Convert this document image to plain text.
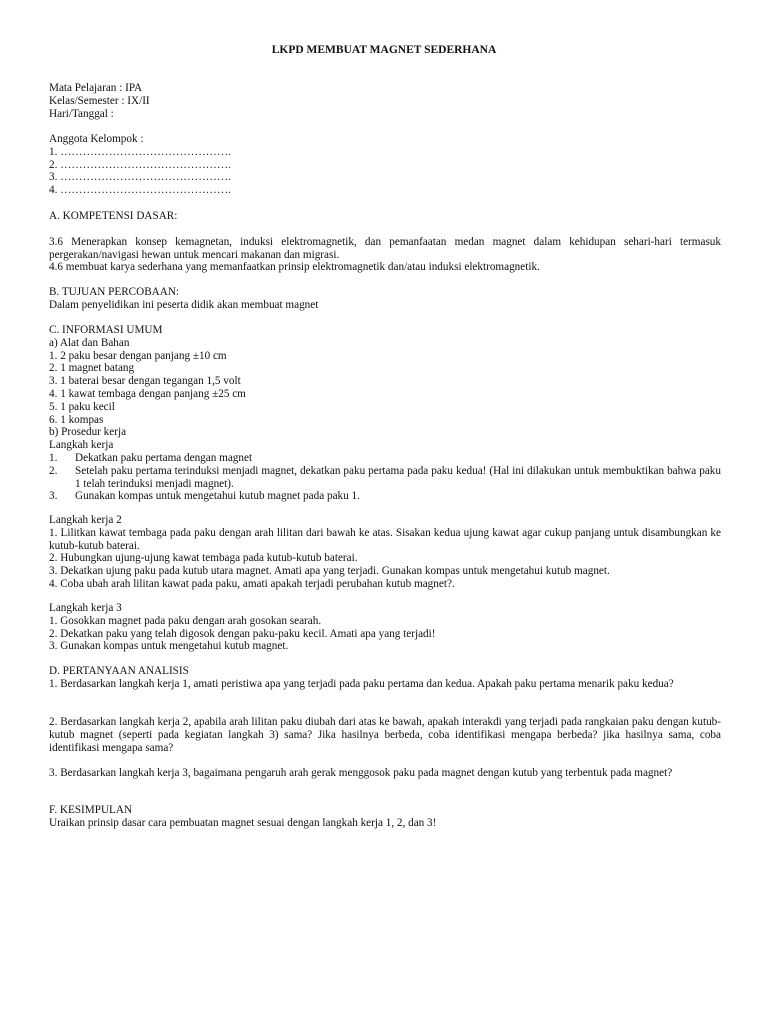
LKPD MEMBUAT MAGNET SEDERHANA
Mata Pelajaran : IPA
Kelas/Semester : IX/II
Hari/Tanggal :
Anggota Kelompok :
1. ……………………………………….
2. ……………………………………….
3. ……………………………………….
4. ……………………………………….
A. KOMPETENSI DASAR:
3.6 Menerapkan konsep kemagnetan, induksi elektromagnetik, dan pemanfaatan medan magnet dalam kehidupan sehari-hari termasuk pergerakan/navigasi hewan untuk mencari makanan dan migrasi.
4.6 membuat karya sederhana yang memanfaatkan prinsip elektromagnetik dan/atau induksi elektromagnetik.
B. TUJUAN PERCOBAAN:
Dalam penyelidikan ini peserta didik akan membuat magnet
C. INFORMASI UMUM
a) Alat dan Bahan
1. 2 paku besar dengan panjang ±10 cm
2. 1 magnet batang
3. 1 baterai besar dengan tegangan 1,5 volt
4. 1 kawat tembaga dengan panjang ±25 cm
5. 1 paku kecil
6. 1 kompas
b) Prosedur kerja
Langkah kerja
1.	Dekatkan paku pertama dengan magnet
2.	Setelah paku pertama terinduksi menjadi magnet, dekatkan paku pertama pada paku kedua! (Hal ini dilakukan untuk membuktikan bahwa paku 1 telah terinduksi menjadi magnet).
3.	Gunakan kompas untuk mengetahui kutub magnet pada paku 1.
Langkah kerja 2
1. Lilitkan kawat tembaga pada paku dengan arah lilitan dari bawah ke atas. Sisakan kedua ujung kawat agar cukup panjang untuk disambungkan ke kutub-kutub baterai.
2. Hubungkan ujung-ujung kawat tembaga pada kutub-kutub baterai.
3. Dekatkan ujung paku pada kutub utara magnet. Amati apa yang terjadi. Gunakan kompas untuk mengetahui kutub magnet.
4. Coba ubah arah lilitan kawat pada paku, amati apakah terjadi perubahan kutub magnet?.
Langkah kerja 3
1. Gosokkan magnet pada paku dengan arah gosokan searah.
2. Dekatkan paku yang telah digosok dengan paku-paku kecil. Amati apa yang terjadi!
3. Gunakan kompas untuk mengetahui kutub magnet.
D. PERTANYAAN ANALISIS
1. Berdasarkan langkah kerja 1, amati peristiwa apa yang terjadi pada paku pertama dan kedua. Apakah paku pertama menarik paku kedua?
2. Berdasarkan langkah kerja 2, apabila arah lilitan paku diubah dari atas ke bawah, apakah interakdi yang terjadi pada rangkaian paku dengan kutub-kutub magnet (seperti pada kegiatan langkah 3) sama? Jika hasilnya berbeda, coba identifikasi mengapa berbeda? jika hasilnya sama, coba identifikasi mengapa sama?
3. Berdasarkan langkah kerja 3, bagaimana pengaruh arah gerak menggosok paku pada magnet dengan kutub yang terbentuk pada magnet?
F. KESIMPULAN
Uraikan prinsip dasar cara pembuatan magnet sesuai dengan langkah kerja 1, 2, dan 3!
